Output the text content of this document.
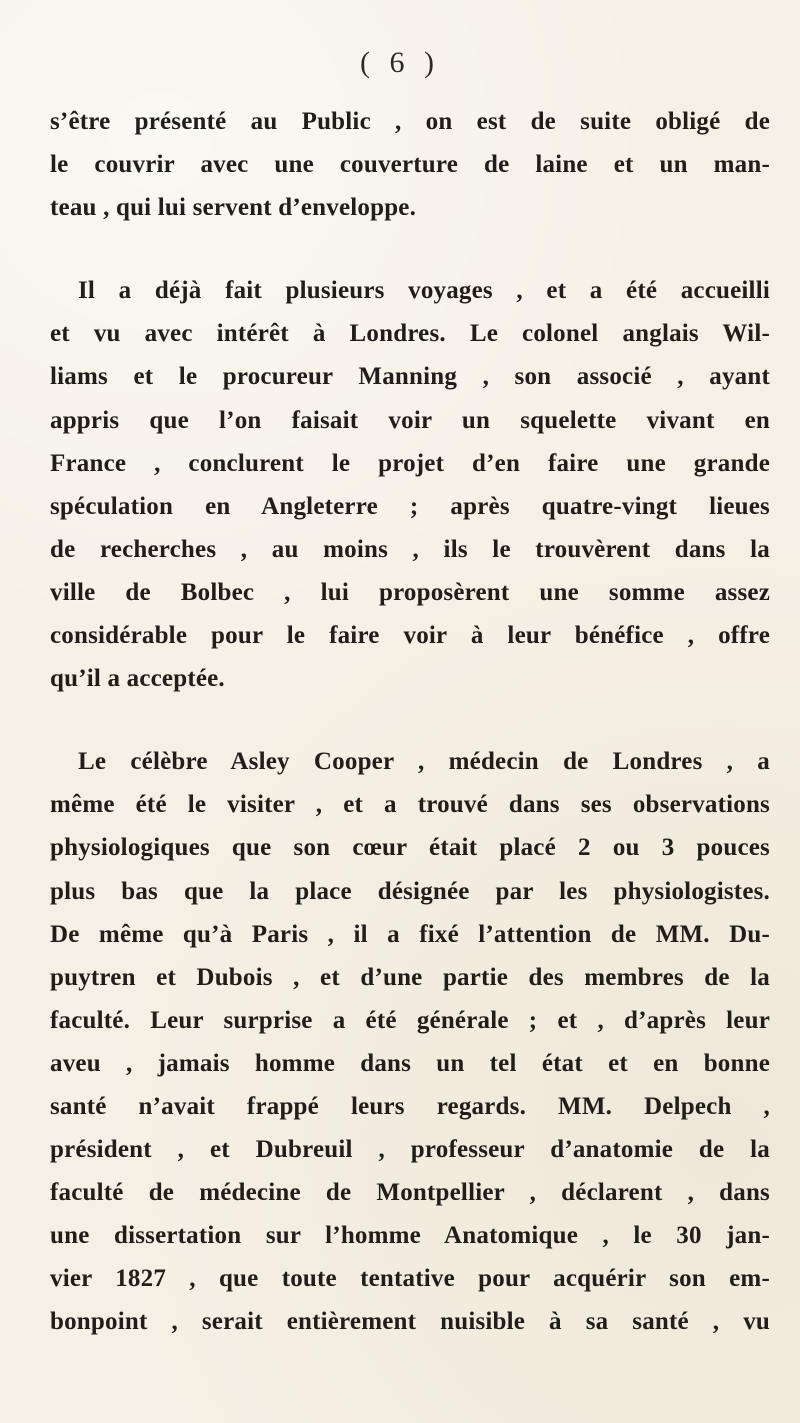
( 6 )
s’être présenté au Public , on est de suite obligé de
le couvrir avec une couverture de laine et un man-
teau , qui lui servent d’enveloppe.
Il a déjà fait plusieurs voyages , et a été accueilli
et vu avec intérêt à Londres. Le colonel anglais Wil-
liams et le procureur Manning , son associé , ayant
appris que l’on faisait voir un squelette vivant en
France , conclurent le projet d’en faire une grande
spéculation en Angleterre ; après quatre-vingt lieues
de recherches , au moins , ils le trouvèrent dans la
ville de Bolbec , lui proposèrent une somme assez
considérable pour le faire voir à leur bénéfice , offre
qu’il a acceptée.
Le célèbre Asley Cooper , médecin de Londres , a
même été le visiter , et a trouvé dans ses observations
physiologiques que son cœur était placé 2 ou 3 pouces
plus bas que la place désignée par les physiologistes.
De même qu’à Paris , il a fixé l’attention de MM. Du-
puytren et Dubois , et d’une partie des membres de la
faculté. Leur surprise a été générale ; et , d’après leur
aveu , jamais homme dans un tel état et en bonne
santé n’avait frappé leurs regards. MM. Delpech ,
président , et Dubreuil , professeur d’anatomie de la
faculté de médecine de Montpellier , déclarent , dans
une dissertation sur l’homme Anatomique , le 30 jan-
vier 1827 , que toute tentative pour acquérir son em-
bonpoint , serait entièrement nuisible à sa santé , vu
